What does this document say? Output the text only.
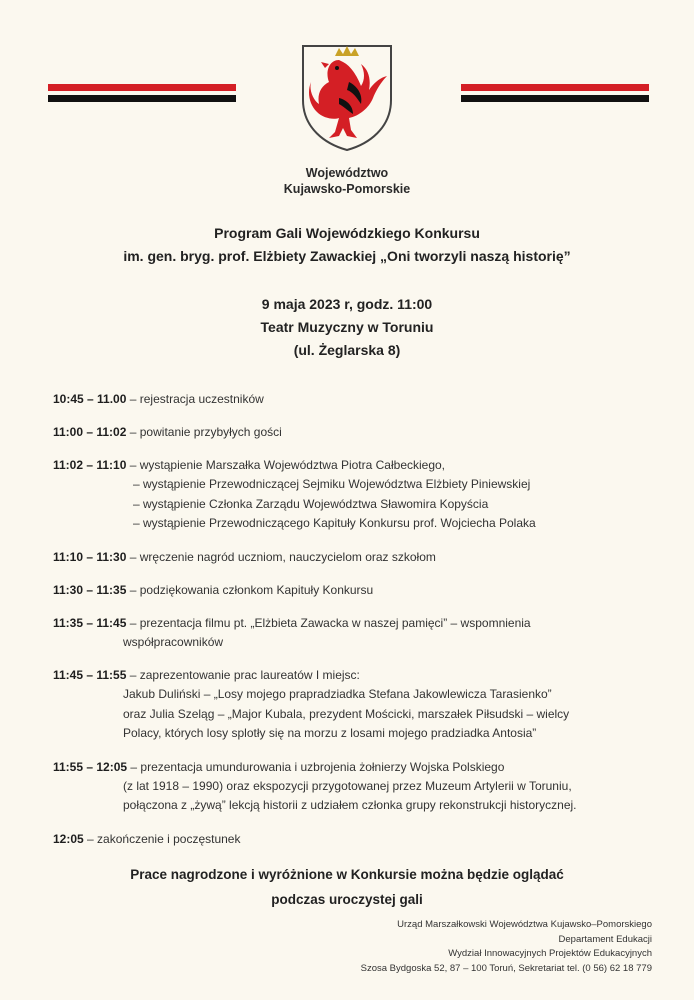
Województwo
Kujawsko-Pomorskie
Program Gali Wojewódzkiego Konkursu
im. gen. bryg. prof. Elżbiety Zawackiej „Oni tworzyli naszą historię”
9 maja 2023 r, godz. 11:00
Teatr Muzyczny w Toruniu
(ul. Żeglarska 8)
10:45 – 11.00 – rejestracja uczestników
11:00 – 11:02 – powitanie przybyłych gości
11:02 – 11:10 – wystąpienie Marszałka Województwa Piotra Całbeckiego,
– wystąpienie Przewodniczącej Sejmiku Województwa Elżbiety Piniewskiej
– wystąpienie Członka Zarządu Województwa Sławomira Kopyścia
– wystąpienie Przewodniczącego Kapituły Konkursu prof. Wojciecha Polaka
11:10 – 11:30 – wręczenie nagród uczniom, nauczycielom oraz szkołom
11:30 – 11:35 – podziękowania członkom Kapituły Konkursu
11:35 – 11:45 – prezentacja filmu pt. „Elżbieta Zawacka w naszej pamięci” – wspomnienia
współpracowników
11:45 – 11:55 – zaprezentowanie prac laureatów I miejsc:
Jakub Duliński – „Losy mojego prapradziadka Stefana Jakowlewicza Tarasienko”
oraz Julia Szeląg – „Major Kubala, prezydent Mościcki, marszałek Piłsudski – wielcy
Polacy, których losy splotły się na morzu z losami mojego pradziadka Antosia”
11:55 – 12:05 – prezentacja umundurowania i uzbrojenia żołnierzy Wojska Polskiego
(z lat 1918 – 1990) oraz ekspozycji przygotowanej przez Muzeum Artylerii w Toruniu,
połączona z „żywą” lekcją historii z udziałem członka grupy rekonstrukcji historycznej.
12:05 – zakończenie i poczęstunek
Prace nagrodzone i wyróżnione w Konkursie można będzie oglądać
podczas uroczystej gali
Urząd Marszałkowski Województwa Kujawsko–Pomorskiego
Departament Edukacji
Wydział Innowacyjnych Projektów Edukacyjnych
Szosa Bydgoska 52, 87 – 100 Toruń, Sekretariat tel. (0 56) 62 18 779
